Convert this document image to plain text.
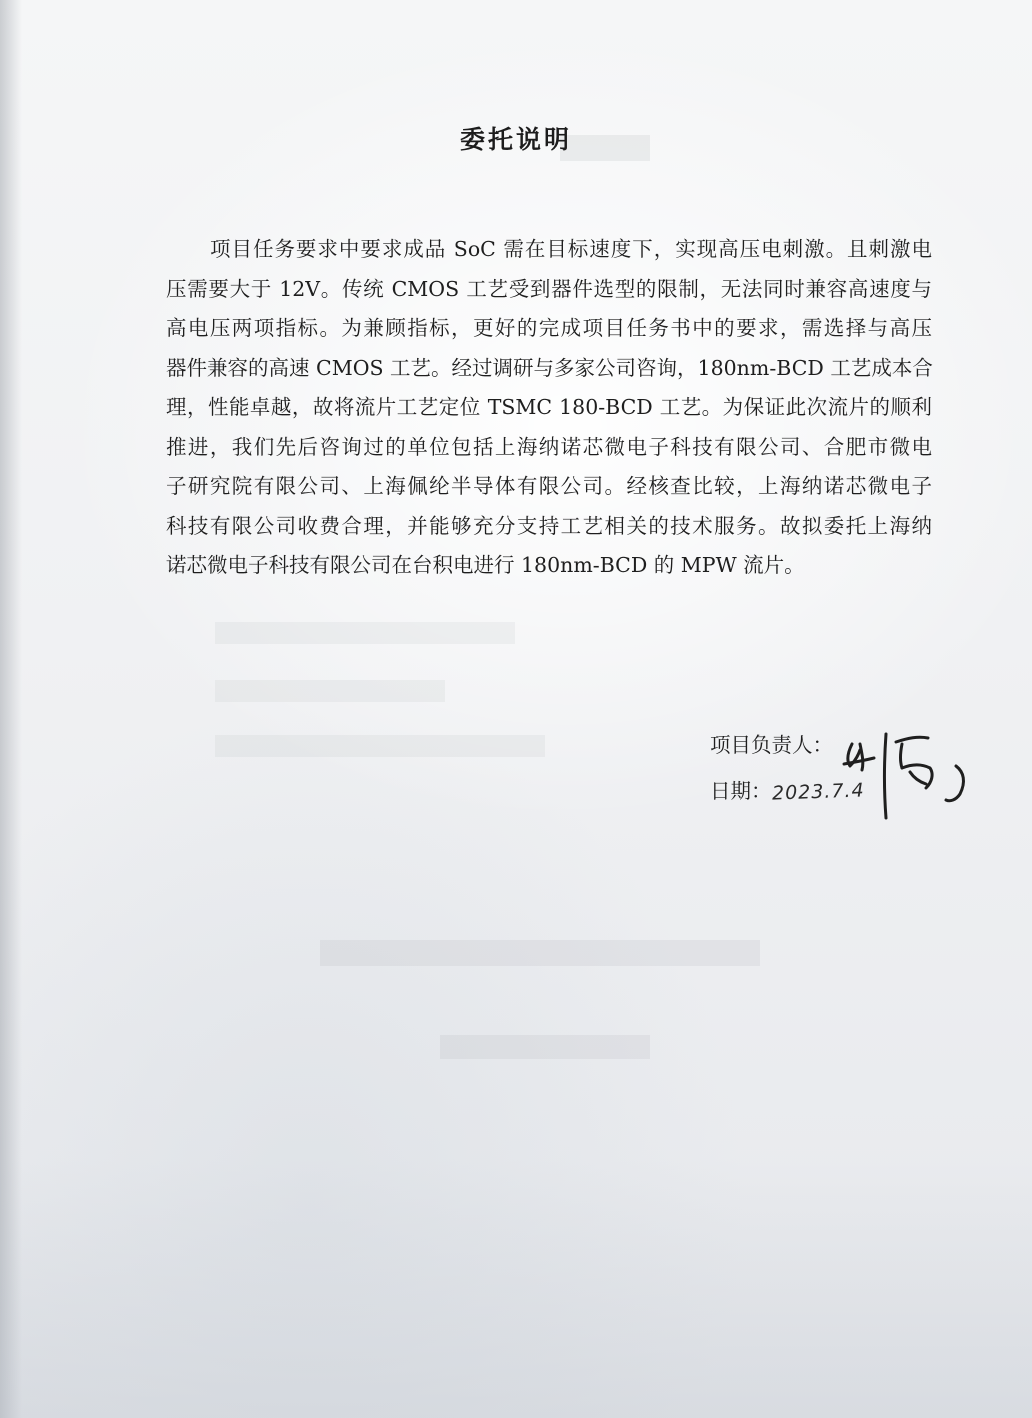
委托说明
项目任务要求中要求成品 SoC 需在目标速度下，实现高压电刺激。且刺激电
压需要大于 12V。传统 CMOS 工艺受到器件选型的限制，无法同时兼容高速度与
高电压两项指标。为兼顾指标，更好的完成项目任务书中的要求，需选择与高压
器件兼容的高速 CMOS 工艺。经过调研与多家公司咨询，180nm-BCD 工艺成本合
理，性能卓越，故将流片工艺定位 TSMC 180-BCD 工艺。为保证此次流片的顺利
推进，我们先后咨询过的单位包括上海纳诺芯微电子科技有限公司、合肥市微电
子研究院有限公司、上海佩纶半导体有限公司。经核查比较，上海纳诺芯微电子
科技有限公司收费合理，并能够充分支持工艺相关的技术服务。故拟委托上海纳
诺芯微电子科技有限公司在台积电进行 180nm-BCD 的 MPW 流片。
项目负责人：
日期：2023.7.4
